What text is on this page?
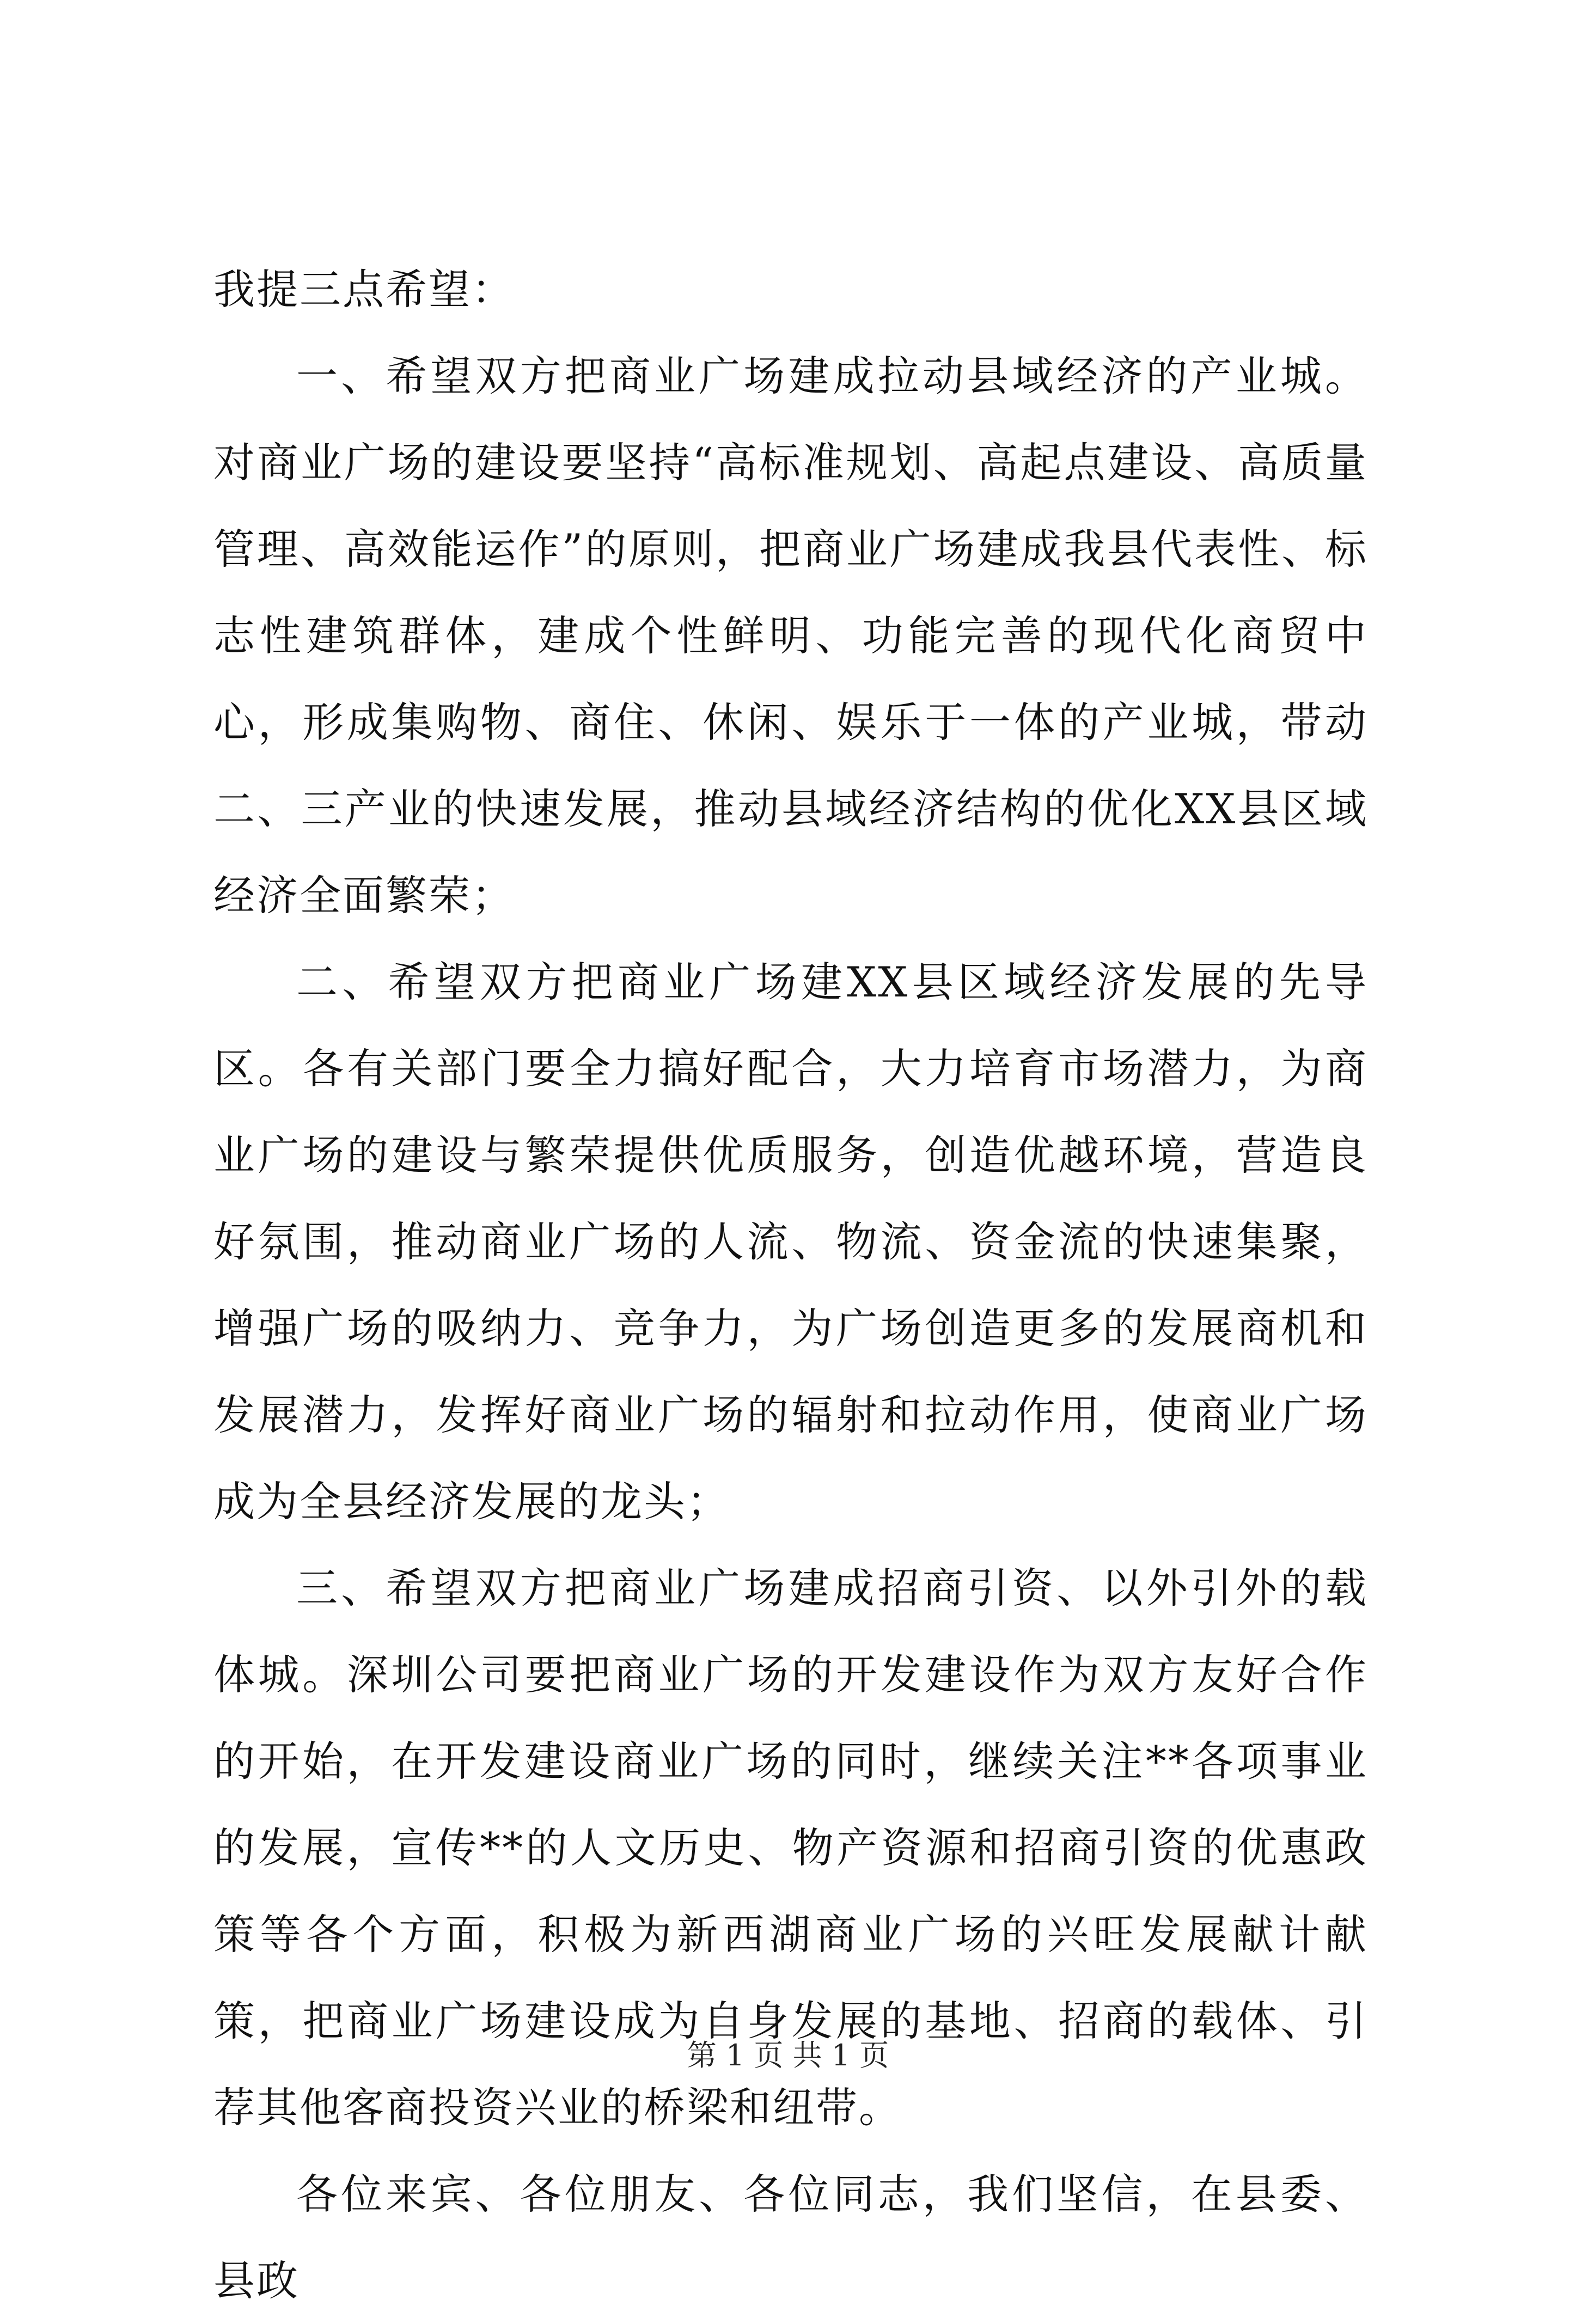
我提三点希望：

一、希望双方把商业广场建成拉动县域经济的产业城。对商业广场的建设要坚持“高标准规划、高起点建设、高质量管理、高效能运作”的原则，把商业广场建成我县代表性、标志性建筑群体，建成个性鲜明、功能完善的现代化商贸中心，形成集购物、商住、休闲、娱乐于一体的产业城，带动二、三产业的快速发展，推动县域经济结构的优化XX县区域经济全面繁荣；

二、希望双方把商业广场建XX县区域经济发展的先导区。各有关部门要全力搞好配合，大力培育市场潜力，为商业广场的建设与繁荣提供优质服务，创造优越环境，营造良好氛围，推动商业广场的人流、物流、资金流的快速集聚，增强广场的吸纳力、竞争力，为广场创造更多的发展商机和发展潜力，发挥好商业广场的辐射和拉动作用，使商业广场成为全县经济发展的龙头；

三、希望双方把商业广场建成招商引资、以外引外的载体城。深圳公司要把商业广场的开发建设作为双方友好合作的开始，在开发建设商业广场的同时，继续关注**各项事业的发展，宣传**的人文历史、物产资源和招商引资的优惠政策等各个方面，积极为新西湖商业广场的兴旺发展献计献策，把商业广场建设成为自身发展的基地、招商的载体、引荐其他客商投资兴业的桥梁和纽带。

各位来宾、各位朋友、各位同志，我们坚信，在县委、县政

第 1 页 共 1 页
